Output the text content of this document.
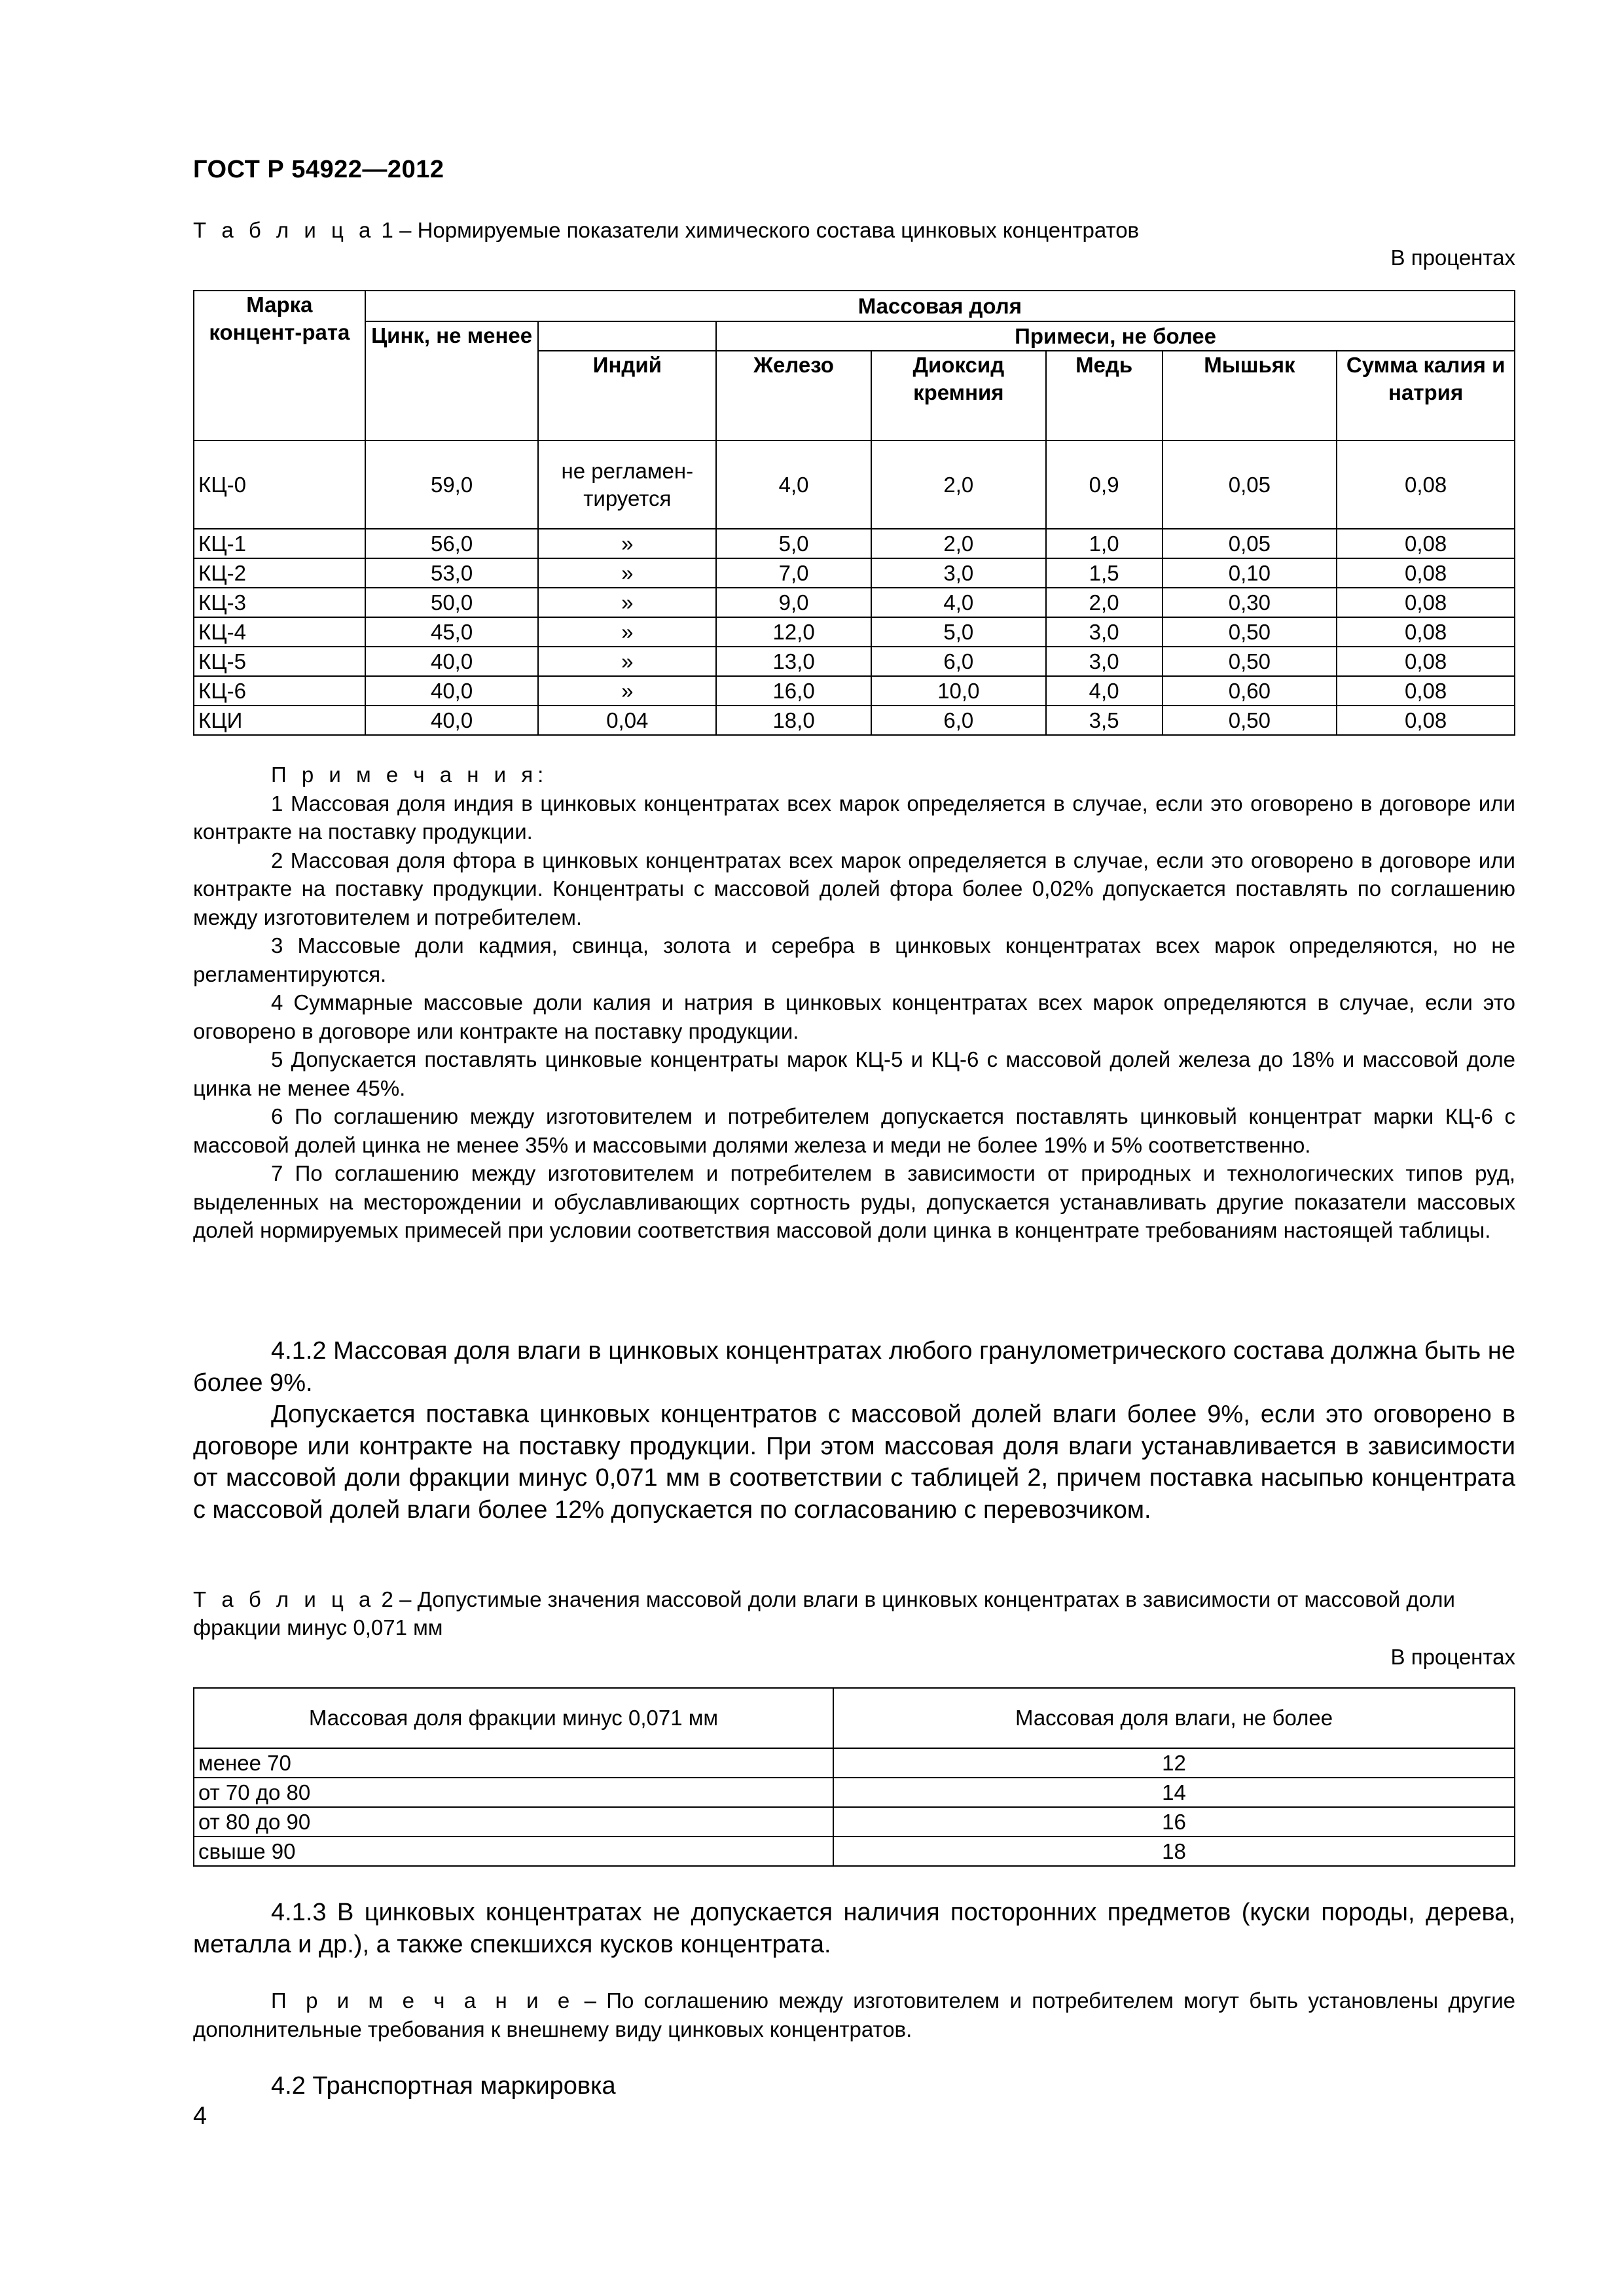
ГОСТ Р 54922—2012
Т а б л и ц а 1 – Нормируемые показатели химического состава цинковых концентратов
В процентах
Марка концент-рата	Массовая доля						
	Цинк, не менее		Примеси, не более				
		Индий	Железо	Диоксид кремния	Медь	Мышьяк	Сумма калия и натрия
КЦ-0	59,0	не регламен-тируется	4,0	2,0	0,9	0,05	0,08
КЦ-1	56,0	»	5,0	2,0	1,0	0,05	0,08
КЦ-2	53,0	»	7,0	3,0	1,5	0,10	0,08
КЦ-3	50,0	»	9,0	4,0	2,0	0,30	0,08
КЦ-4	45,0	»	12,0	5,0	3,0	0,50	0,08
КЦ-5	40,0	»	13,0	6,0	3,0	0,50	0,08
КЦ-6	40,0	»	16,0	10,0	4,0	0,60	0,08
КЦИ	40,0	0,04	18,0	6,0	3,5	0,50	0,08

П р и м е ч а н и я:

1 Массовая доля индия в цинковых концентратах всех марок определяется в случае, если это оговорено в договоре или контракте на поставку продукции.

2 Массовая доля фтора в цинковых концентратах всех марок определяется в случае, если это оговорено в договоре или контракте на поставку продукции. Концентраты с массовой долей фтора более 0,02% допускается поставлять по соглашению между изготовителем и потребителем.

3 Массовые доли кадмия, свинца, золота и серебра в цинковых концентратах всех марок определяются, но не регламентируются.

4 Суммарные массовые доли калия и натрия в цинковых концентратах всех марок определяются в случае, если это оговорено в договоре или контракте на поставку продукции.

5 Допускается поставлять цинковые концентраты марок КЦ-5 и КЦ-6 с массовой долей железа до 18% и массовой доле цинка не менее 45%.

6 По соглашению между изготовителем и потребителем допускается поставлять цинковый концентрат марки КЦ-6 с массовой долей цинка не менее 35% и массовыми долями железа и меди не более 19% и 5% соответственно.

7 По соглашению между изготовителем и потребителем в зависимости от природных и технологических типов руд, выделенных на месторождении и обуславливающих сортность руды, допускается устанавливать другие показатели массовых долей нормируемых примесей при условии соответствия массовой доли цинка в концентрате требованиям настоящей таблицы.

4.1.2 Массовая доля влаги в цинковых концентратах любого гранулометрического состава должна быть не более 9%.

Допускается поставка цинковых концентратов с массовой долей влаги более 9%, если это оговорено в договоре или контракте на поставку продукции. При этом массовая доля влаги устанавливается в зависимости от массовой доли фракции минус 0,071 мм в соответствии с таблицей 2, причем поставка насыпью концентрата с массовой долей влаги более 12% допускается по согласованию с перевозчиком.

Т а б л и ц а 2 – Допустимые значения массовой доли влаги в цинковых концентратах в зависимости от массовой доли фракции минус 0,071 мм
В процентах
Массовая доля фракции минус 0,071 мм	Массовая доля влаги, не более
менее 70	12
от 70 до 80	14
от 80 до 90	16
свыше 90	18

4.1.3 В цинковых концентратах не допускается наличия посторонних предметов (куски породы, дерева, металла и др.), а также спекшихся кусков концентрата.

П р и м е ч а н и е – По соглашению между изготовителем и потребителем могут быть установлены другие дополнительные требования к внешнему виду цинковых концентратов.

4.2 Транспортная маркировка

4
